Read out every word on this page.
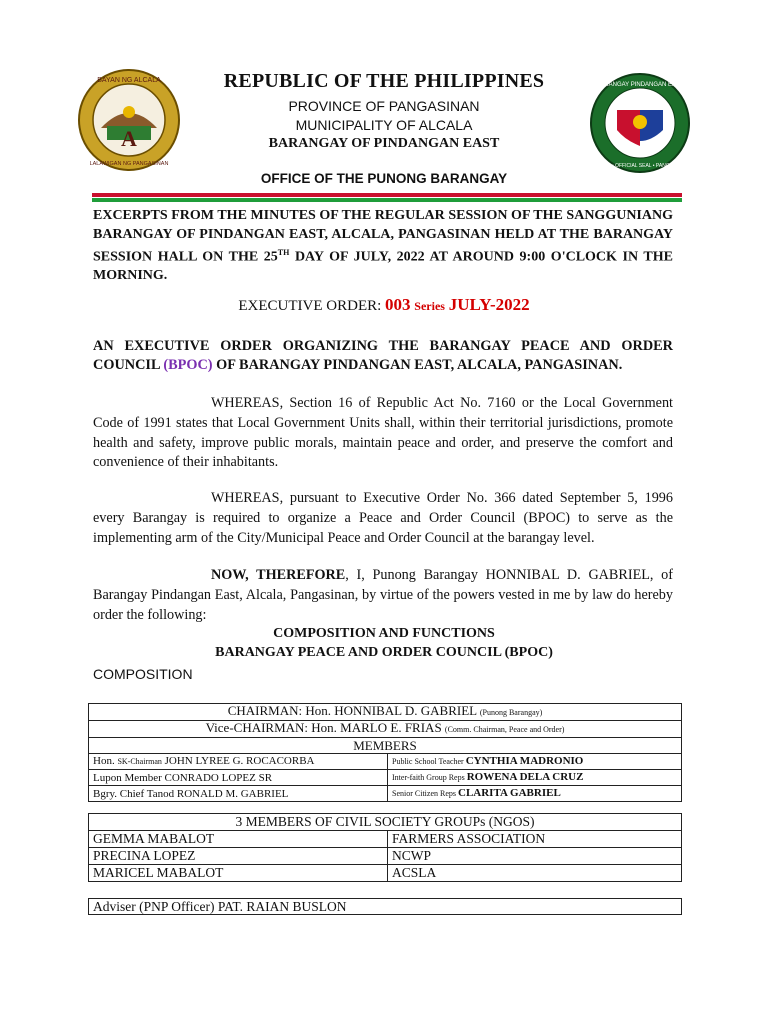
A
BAYAN NG ALCALA
LALAWIGAN NG PANGASINAN
BARANGAY PINDANGAN EAST
ALCALA • OFFICIAL SEAL • PANGASINAN
REPUBLIC OF THE PHILIPPINES
PROVINCE OF PANGASINAN
MUNICIPALITY OF ALCALA
BARANGAY OF PINDANGAN EAST
OFFICE OF THE PUNONG BARANGAY

EXCERPTS FROM THE MINUTES OF THE REGULAR SESSION OF THE SANGGUNIANG BARANGAY OF PINDANGAN EAST, ALCALA, PANGASINAN HELD AT THE BARANGAY SESSION HALL ON THE 25TH DAY OF JULY, 2022 AT AROUND 9:00 O'CLOCK IN THE MORNING.

EXECUTIVE ORDER: 003 Series JULY-2022

AN EXECUTIVE ORDER ORGANIZING THE BARANGAY PEACE AND ORDER COUNCIL (BPOC) OF BARANGAY PINDANGAN EAST, ALCALA, PANGASINAN.

WHEREAS, Section 16 of Republic Act No. 7160 or the Local Government Code of 1991 states that Local Government Units shall, within their territorial jurisdictions, promote health and safety, improve public morals, maintain peace and order, and preserve the comfort and convenience of their inhabitants.

WHEREAS, pursuant to Executive Order No. 366 dated September 5, 1996 every Barangay is required to organize a Peace and Order Council (BPOC) to serve as the implementing arm of the City/Municipal Peace and Order Council at the barangay level.

NOW, THEREFORE, I, Punong Barangay HONNIBAL D. GABRIEL, of Barangay Pindangan East, Alcala, Pangasinan, by virtue of the powers vested in me by law do hereby order the following:

COMPOSITION AND FUNCTIONS
BARANGAY PEACE AND ORDER COUNCIL (BPOC)
COMPOSITION
CHAIRMAN: Hon. HONNIBAL D. GABRIEL (Punong Barangay)	
Vice-CHAIRMAN: Hon. MARLO E. FRIAS (Comm. Chairman, Peace and Order)	
MEMBERS	
Hon. SK-Chairman JOHN LYREE G. ROCACORBA	Public School Teacher CYNTHIA MADRONIO
Lupon Member CONRADO LOPEZ SR	Inter-faith Group Reps ROWENA DELA CRUZ
Bgry. Chief Tanod RONALD M. GABRIEL	Senior Citizen Reps CLARITA GABRIEL
3 MEMBERS OF CIVIL SOCIETY GROUPs (NGOS)	
GEMMA MABALOT	FARMERS ASSOCIATION
PRECINA LOPEZ	NCWP
MARICEL MABALOT	ACSLA
Adviser (PNP Officer) PAT. RAIAN BUSLON
